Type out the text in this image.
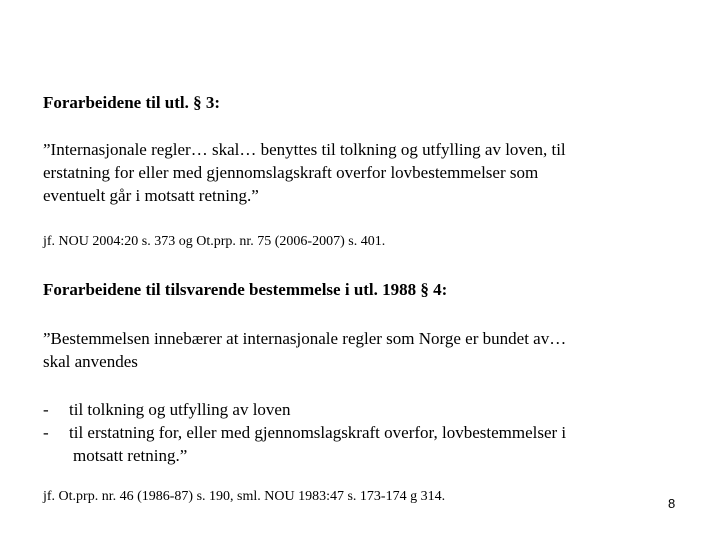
Forarbeidene til utl. § 3:
”Internasjonale regler… skal… benyttes til tolkning og utfylling av loven, til
erstatning for eller med gjennomslagskraft overfor lovbestemmelser som
eventuelt går i motsatt retning.”
jf. NOU 2004:20 s. 373 og Ot.prp. nr. 75 (2006-2007) s. 401.
Forarbeidene til tilsvarende bestemmelse i utl. 1988 § 4:
”Bestemmelsen innebærer at internasjonale regler som Norge er bundet av…
skal anvendes
-	til tolkning og utfylling av loven
-	til erstatning for, eller med gjennomslagskraft overfor, lovbestemmelser i
motsatt retning.”
jf. Ot.prp. nr. 46 (1986-87) s. 190, sml. NOU 1983:47 s. 173-174 g 314.	8
